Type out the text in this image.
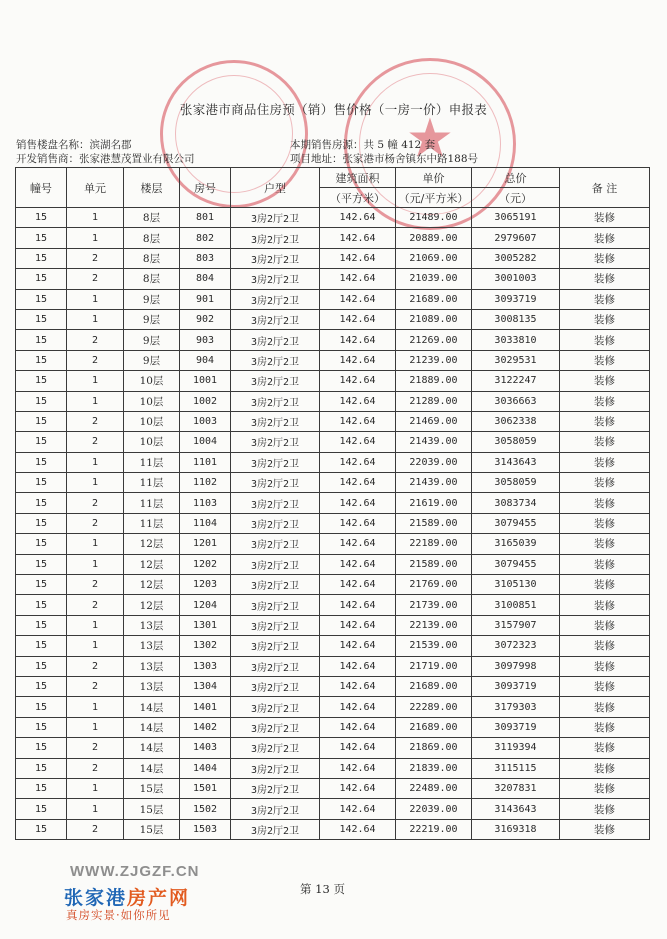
★
张家港市商品住房预（销）售价格（一房一价）申报表
销售楼盘名称：滨湖名郡
开发销售商：张家港慧茂置业有限公司
本期销售房源：共 5 幢 412 套
项目地址：张家港市杨舍镇东中路188号
幢号	单元	楼层	房号	户型	建筑面积	单价	总价	备 注
					（平方米）	（元/平方米）	（元）	
15	1	8层	801	3房2厅2卫	142.64	21489.00	3065191	装修
15	1	8层	802	3房2厅2卫	142.64	20889.00	2979607	装修
15	2	8层	803	3房2厅2卫	142.64	21069.00	3005282	装修
15	2	8层	804	3房2厅2卫	142.64	21039.00	3001003	装修
15	1	9层	901	3房2厅2卫	142.64	21689.00	3093719	装修
15	1	9层	902	3房2厅2卫	142.64	21089.00	3008135	装修
15	2	9层	903	3房2厅2卫	142.64	21269.00	3033810	装修
15	2	9层	904	3房2厅2卫	142.64	21239.00	3029531	装修
15	1	10层	1001	3房2厅2卫	142.64	21889.00	3122247	装修
15	1	10层	1002	3房2厅2卫	142.64	21289.00	3036663	装修
15	2	10层	1003	3房2厅2卫	142.64	21469.00	3062338	装修
15	2	10层	1004	3房2厅2卫	142.64	21439.00	3058059	装修
15	1	11层	1101	3房2厅2卫	142.64	22039.00	3143643	装修
15	1	11层	1102	3房2厅2卫	142.64	21439.00	3058059	装修
15	2	11层	1103	3房2厅2卫	142.64	21619.00	3083734	装修
15	2	11层	1104	3房2厅2卫	142.64	21589.00	3079455	装修
15	1	12层	1201	3房2厅2卫	142.64	22189.00	3165039	装修
15	1	12层	1202	3房2厅2卫	142.64	21589.00	3079455	装修
15	2	12层	1203	3房2厅2卫	142.64	21769.00	3105130	装修
15	2	12层	1204	3房2厅2卫	142.64	21739.00	3100851	装修
15	1	13层	1301	3房2厅2卫	142.64	22139.00	3157907	装修
15	1	13层	1302	3房2厅2卫	142.64	21539.00	3072323	装修
15	2	13层	1303	3房2厅2卫	142.64	21719.00	3097998	装修
15	2	13层	1304	3房2厅2卫	142.64	21689.00	3093719	装修
15	1	14层	1401	3房2厅2卫	142.64	22289.00	3179303	装修
15	1	14层	1402	3房2厅2卫	142.64	21689.00	3093719	装修
15	2	14层	1403	3房2厅2卫	142.64	21869.00	3119394	装修
15	2	14层	1404	3房2厅2卫	142.64	21839.00	3115115	装修
15	1	15层	1501	3房2厅2卫	142.64	22489.00	3207831	装修
15	1	15层	1502	3房2厅2卫	142.64	22039.00	3143643	装修
15	2	15层	1503	3房2厅2卫	142.64	22219.00	3169318	装修
WWW.ZJGZF.CN
张家港房产网
真房实景·如你所见
第 13 页
